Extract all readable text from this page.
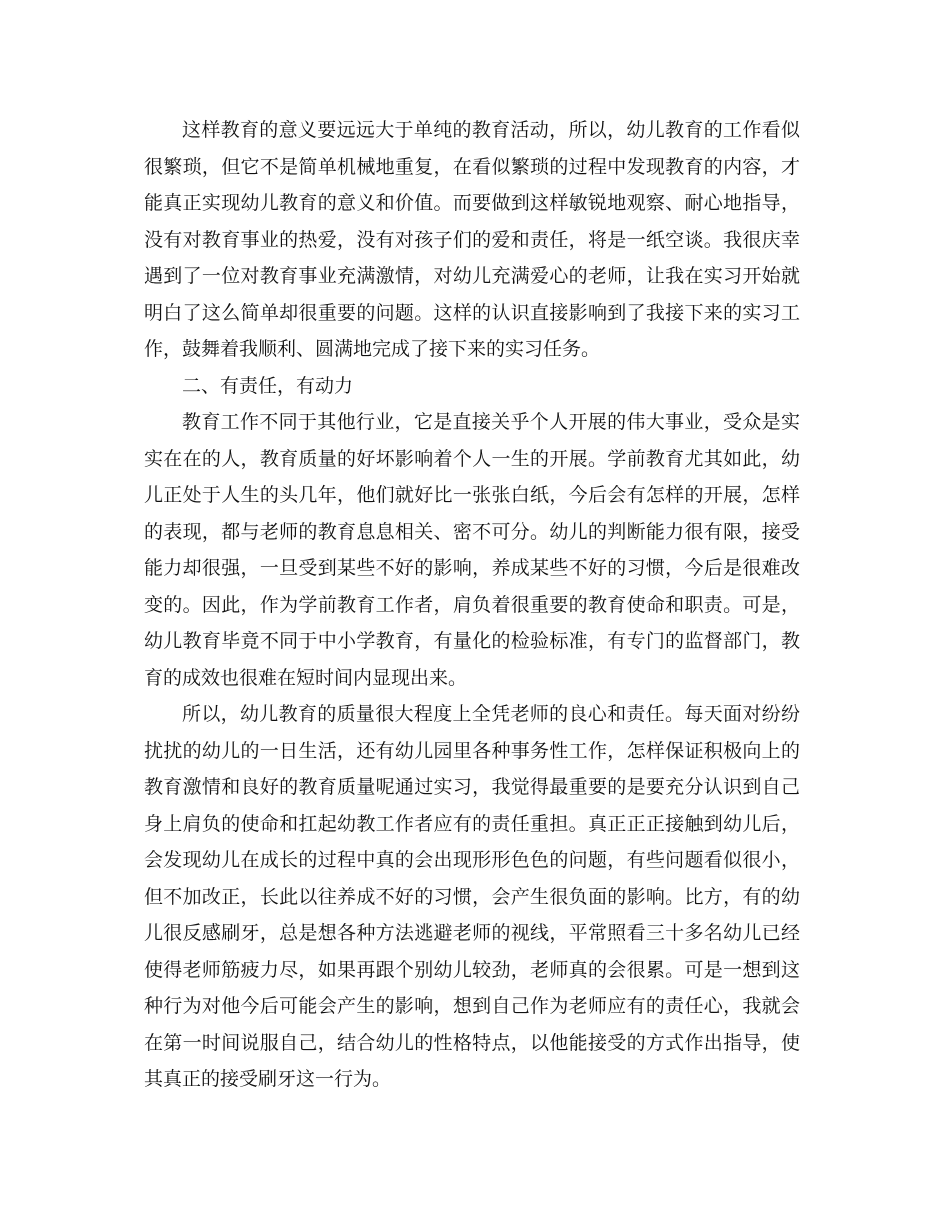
这样教育的意义要远远大于单纯的教育活动，所以，幼儿教育的工作看似很繁琐，但它不是简单机械地重复，在看似繁琐的过程中发现教育的内容，才能真正实现幼儿教育的意义和价值。而要做到这样敏锐地观察、耐心地指导，没有对教育事业的热爱，没有对孩子们的爱和责任，将是一纸空谈。我很庆幸遇到了一位对教育事业充满激情，对幼儿充满爱心的老师，让我在实习开始就明白了这么简单却很重要的问题。这样的认识直接影响到了我接下来的实习工作，鼓舞着我顺利、圆满地完成了接下来的实习任务。

二、有责任，有动力

教育工作不同于其他行业，它是直接关乎个人开展的伟大事业，受众是实实在在的人，教育质量的好坏影响着个人一生的开展。学前教育尤其如此，幼儿正处于人生的头几年，他们就好比一张张白纸，今后会有怎样的开展，怎样的表现，都与老师的教育息息相关、密不可分。幼儿的判断能力很有限，接受能力却很强，一旦受到某些不好的影响，养成某些不好的习惯，今后是很难改变的。因此，作为学前教育工作者，肩负着很重要的教育使命和职责。可是，幼儿教育毕竟不同于中小学教育，有量化的检验标准，有专门的监督部门，教育的成效也很难在短时间内显现出来。

所以，幼儿教育的质量很大程度上全凭老师的良心和责任。每天面对纷纷扰扰的幼儿的一日生活，还有幼儿园里各种事务性工作，怎样保证积极向上的教育激情和良好的教育质量呢通过实习，我觉得最重要的是要充分认识到自己身上肩负的使命和扛起幼教工作者应有的责任重担。真正正正接触到幼儿后，会发现幼儿在成长的过程中真的会出现形形色色的问题，有些问题看似很小，但不加改正，长此以往养成不好的习惯，会产生很负面的影响。比方，有的幼儿很反感刷牙，总是想各种方法逃避老师的视线，平常照看三十多名幼儿已经使得老师筋疲力尽，如果再跟个别幼儿较劲，老师真的会很累。可是一想到这种行为对他今后可能会产生的影响，想到自己作为老师应有的责任心，我就会在第一时间说服自己，结合幼儿的性格特点，以他能接受的方式作出指导，使其真正的接受刷牙这一行为。
